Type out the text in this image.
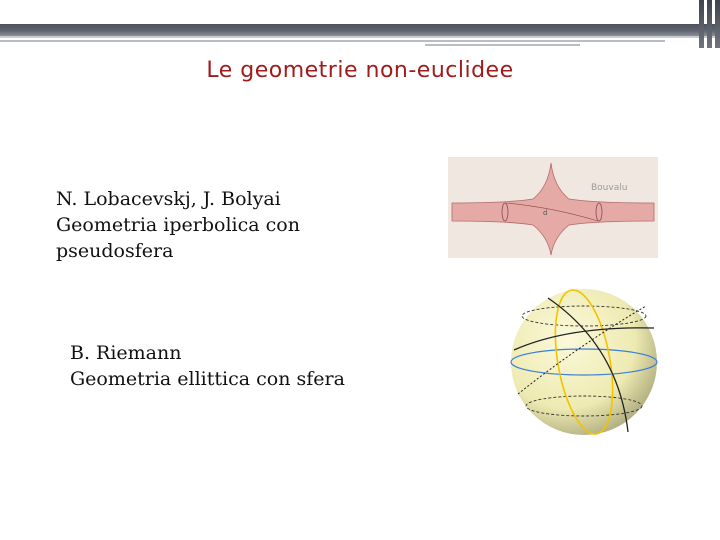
Le geometrie non-euclidee
N. Lobacevskj, J. Bolyai
Geometria iperbolica con
pseudosfera
B. Riemann
Geometria ellittica con sfera
d
Bouvalu
